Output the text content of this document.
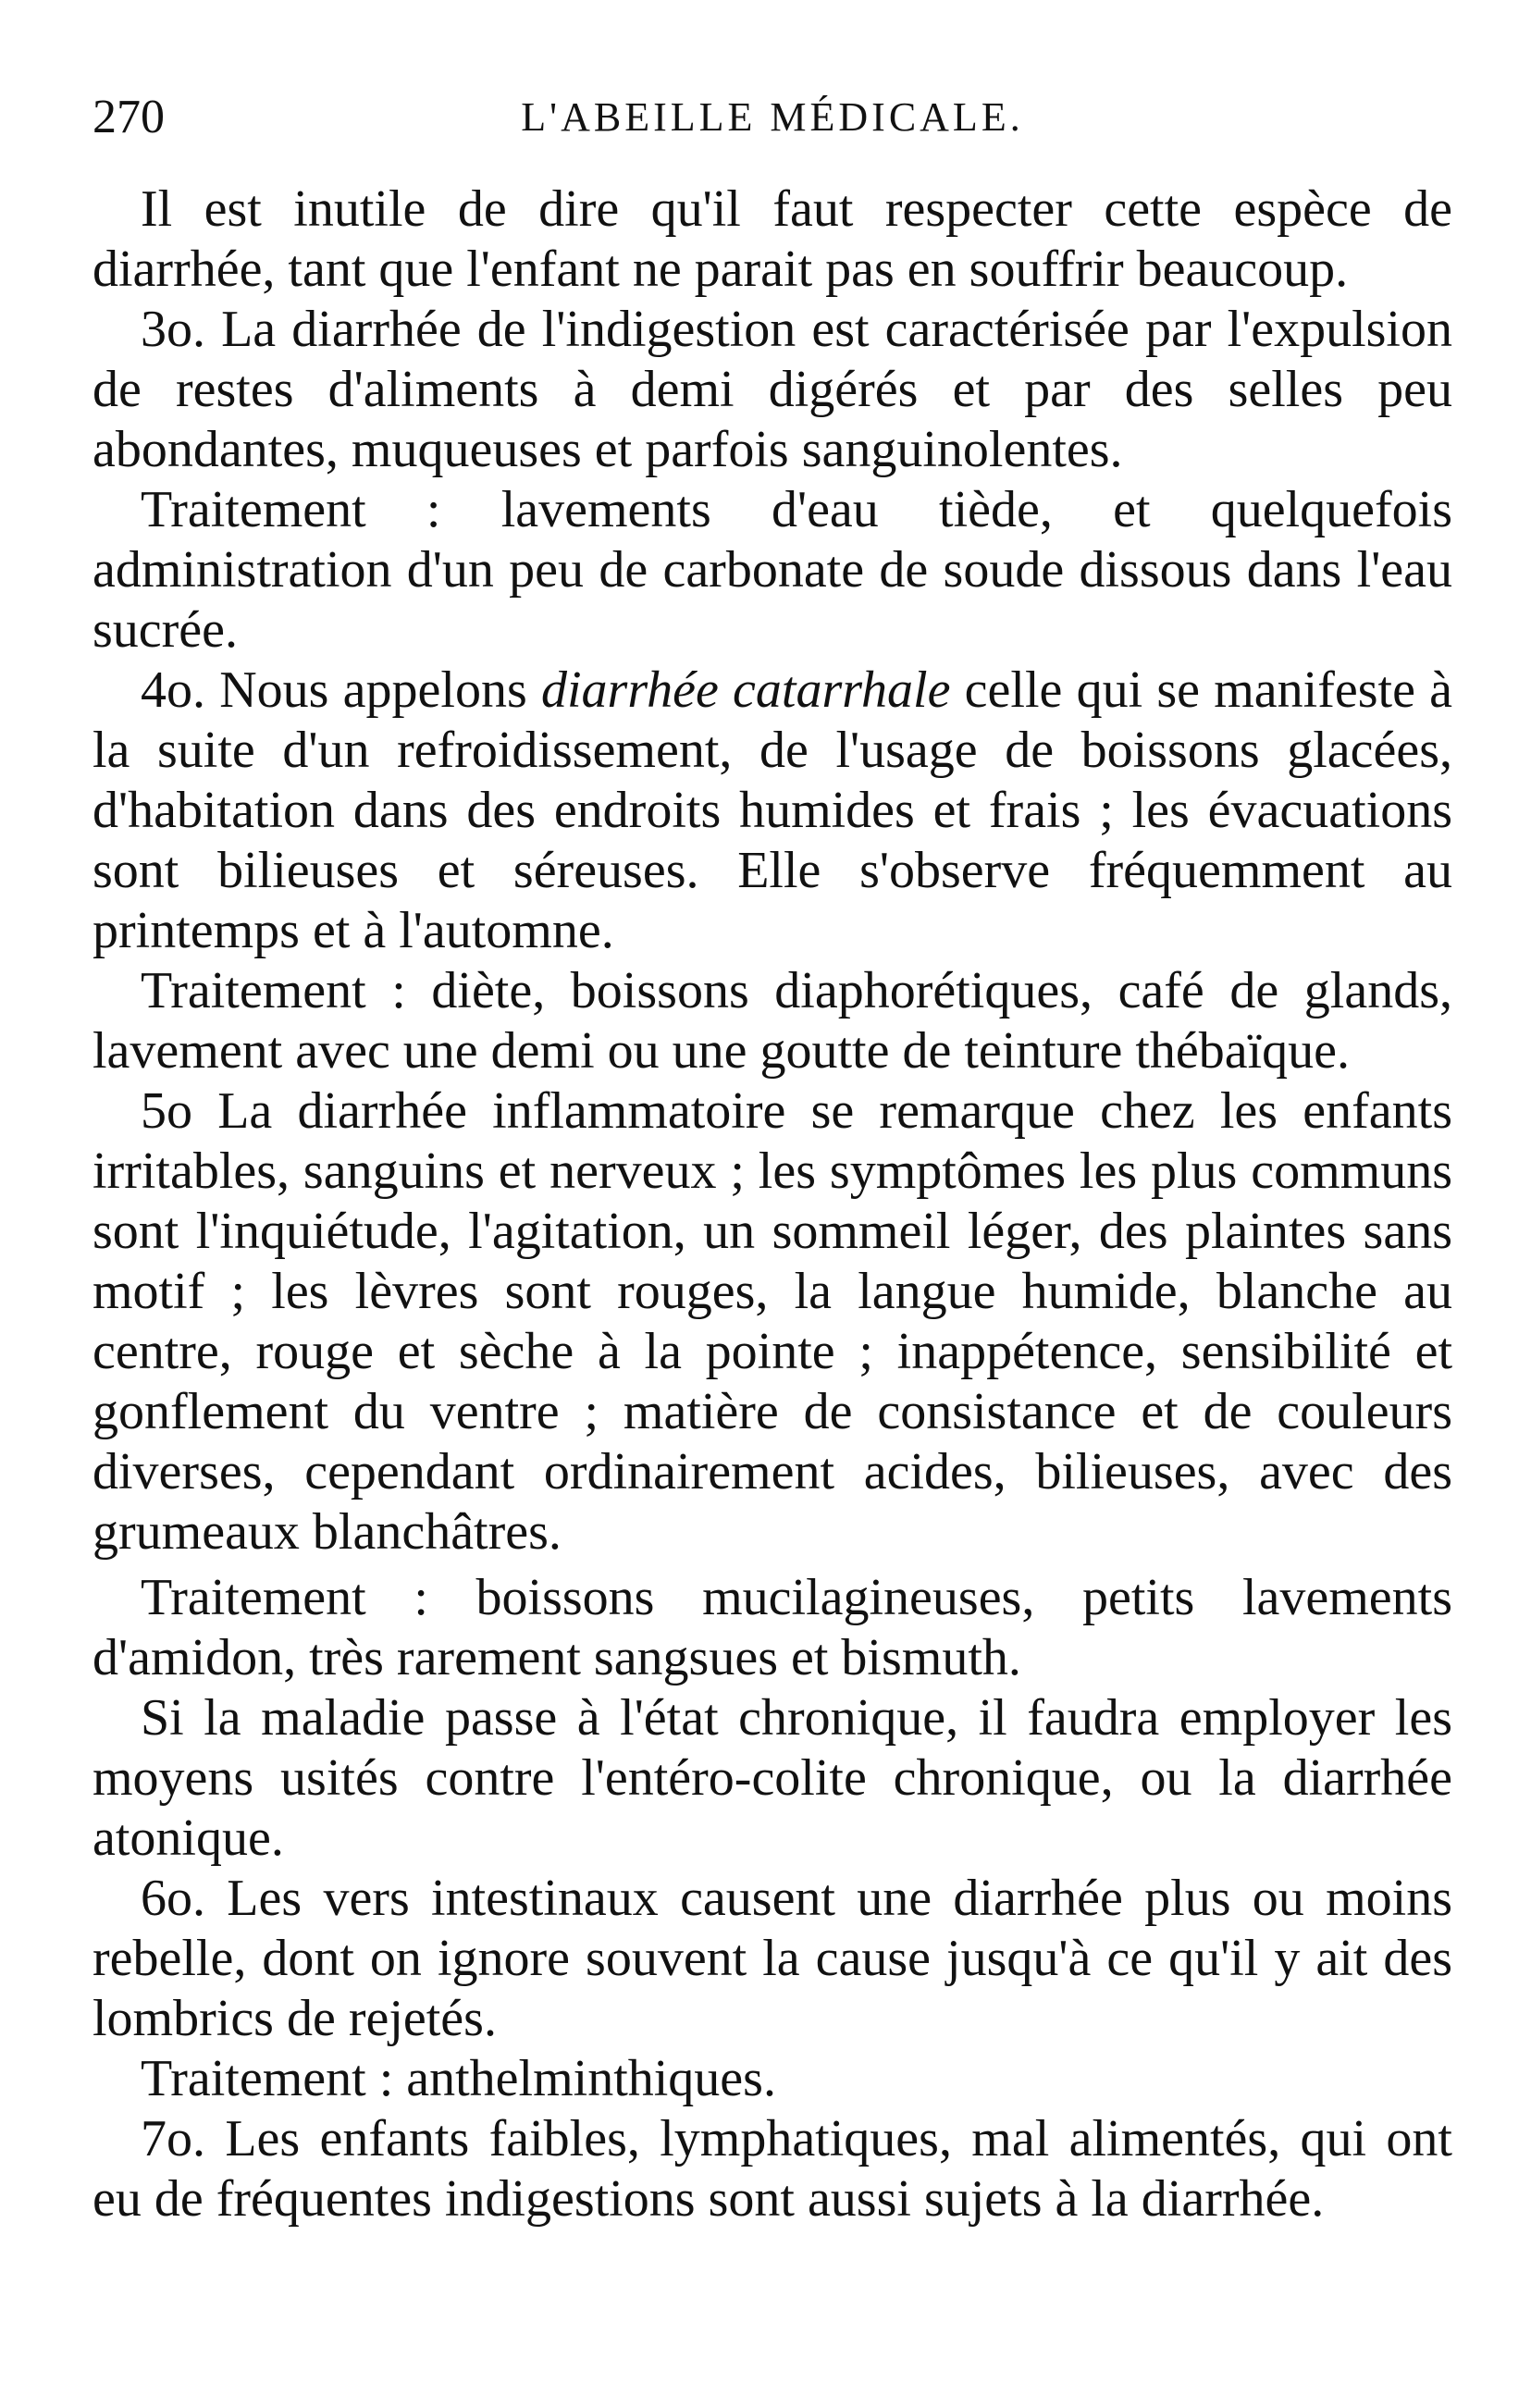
270	L'ABEILLE MÉDICALE.

Il est inutile de dire qu'il faut respecter cette espèce de diarrhée, tant que l'enfant ne parait pas en souffrir beaucoup.

3o. La diarrhée de l'indigestion est caractérisée par l'expulsion de restes d'aliments à demi digérés et par des selles peu abondantes, muqueuses et parfois sanguinolentes.

Traitement : lavements d'eau tiède, et quelquefois administration d'un peu de carbonate de soude dissous dans l'eau sucrée.

4o. Nous appelons diarrhée catarrhale celle qui se manifeste à la suite d'un refroidissement, de l'usage de boissons glacées, d'habitation dans des endroits humides et frais ; les évacuations sont bilieuses et séreuses. Elle s'observe fréquemment au printemps et à l'automne.

Traitement : diète, boissons diaphorétiques, café de glands, lavement avec une demi ou une goutte de teinture thébaïque.

5o La diarrhée inflammatoire se remarque chez les enfants irritables, sanguins et nerveux ; les symptômes les plus communs sont l'inquiétude, l'agitation, un sommeil léger, des plaintes sans motif ; les lèvres sont rouges, la langue humide, blanche au centre, rouge et sèche à la pointe ; inappétence, sensibilité et gonflement du ventre ; matière de consistance et de couleurs diverses, cependant ordinairement acides, bilieuses, avec des grumeaux blanchâtres.

Traitement : boissons mucilagineuses, petits lavements d'amidon, très rarement sangsues et bismuth.

Si la maladie passe à l'état chronique, il faudra employer les moyens usités contre l'entéro-colite chronique, ou la diarrhée atonique.

6o. Les vers intestinaux causent une diarrhée plus ou moins rebelle, dont on ignore souvent la cause jusqu'à ce qu'il y ait des lombrics de rejetés.

Traitement : anthelminthiques.

7o. Les enfants faibles, lymphatiques, mal alimentés, qui ont eu de fréquentes indigestions sont aussi sujets à la diarrhée.
